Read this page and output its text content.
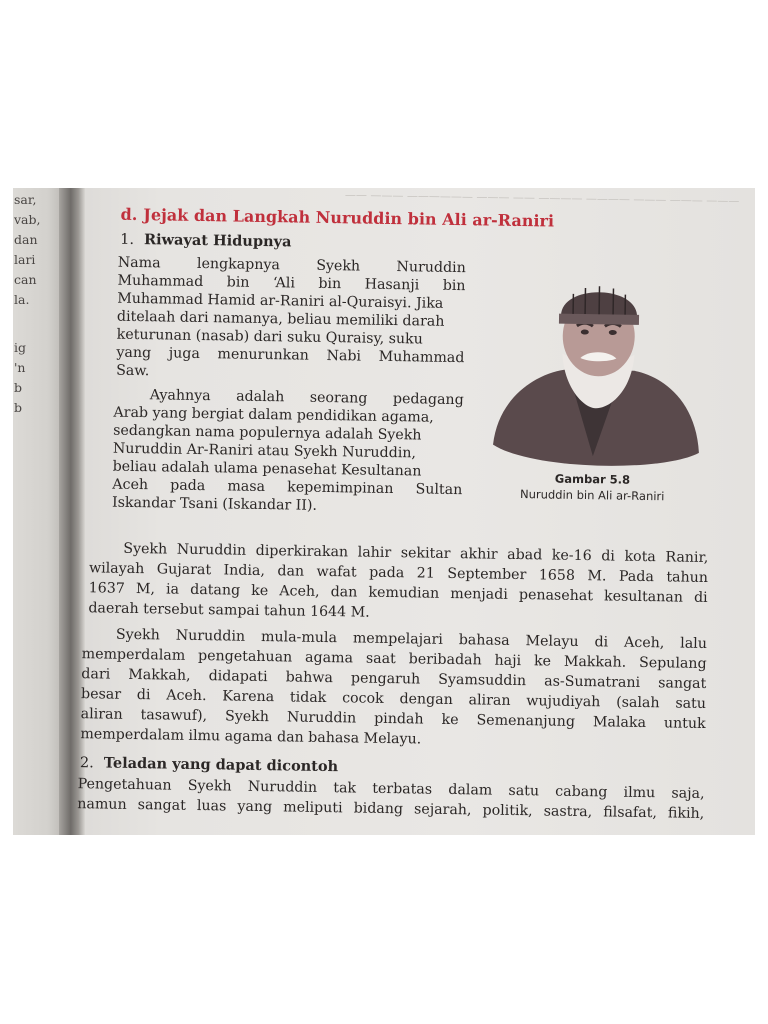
sar,
vab,
dan
lari
can
la.
ig
'n
b
b
—— ——— —————— ——— —— ———— ———— ——— ——— ———
d. Jejak dan Langkah Nuruddin bin Ali ar-Raniri
1. Riwayat Hidupnya
Nama lengkapnya Syekh Nuruddin
Muhammad bin ‘Ali bin Hasanji bin
Muhammad Hamid ar-Raniri al-Quraisyi. Jika
ditelaah dari namanya, beliau memiliki darah
keturunan (nasab) dari suku Quraisy, suku
yang juga menurunkan Nabi Muhammad
Saw.
Ayahnya adalah seorang pedagang
Arab yang bergiat dalam pendidikan agama,
sedangkan nama populernya adalah Syekh
Nuruddin Ar-Raniri atau Syekh Nuruddin,
beliau adalah ulama penasehat Kesultanan
Aceh pada masa kepemimpinan Sultan
Iskandar Tsani (Iskandar II).
Gambar 5.8
Nuruddin bin Ali ar-Raniri
Syekh Nuruddin diperkirakan lahir sekitar akhir abad ke-16 di kota Ranir,
wilayah Gujarat India, dan wafat pada 21 September 1658 M. Pada tahun
1637 M, ia datang ke Aceh, dan kemudian menjadi penasehat kesultanan di
daerah tersebut sampai tahun 1644 M.
Syekh Nuruddin mula-mula mempelajari bahasa Melayu di Aceh, lalu
memperdalam pengetahuan agama saat beribadah haji ke Makkah. Sepulang
dari Makkah, didapati bahwa pengaruh Syamsuddin as-Sumatrani sangat
besar di Aceh. Karena tidak cocok dengan aliran wujudiyah (salah satu
aliran tasawuf), Syekh Nuruddin pindah ke Semenanjung Malaka untuk
memperdalam ilmu agama dan bahasa Melayu.
2. Teladan yang dapat dicontoh
Pengetahuan Syekh Nuruddin tak terbatas dalam satu cabang ilmu saja,
namun sangat luas yang meliputi bidang sejarah, politik, sastra, filsafat, fikih,
